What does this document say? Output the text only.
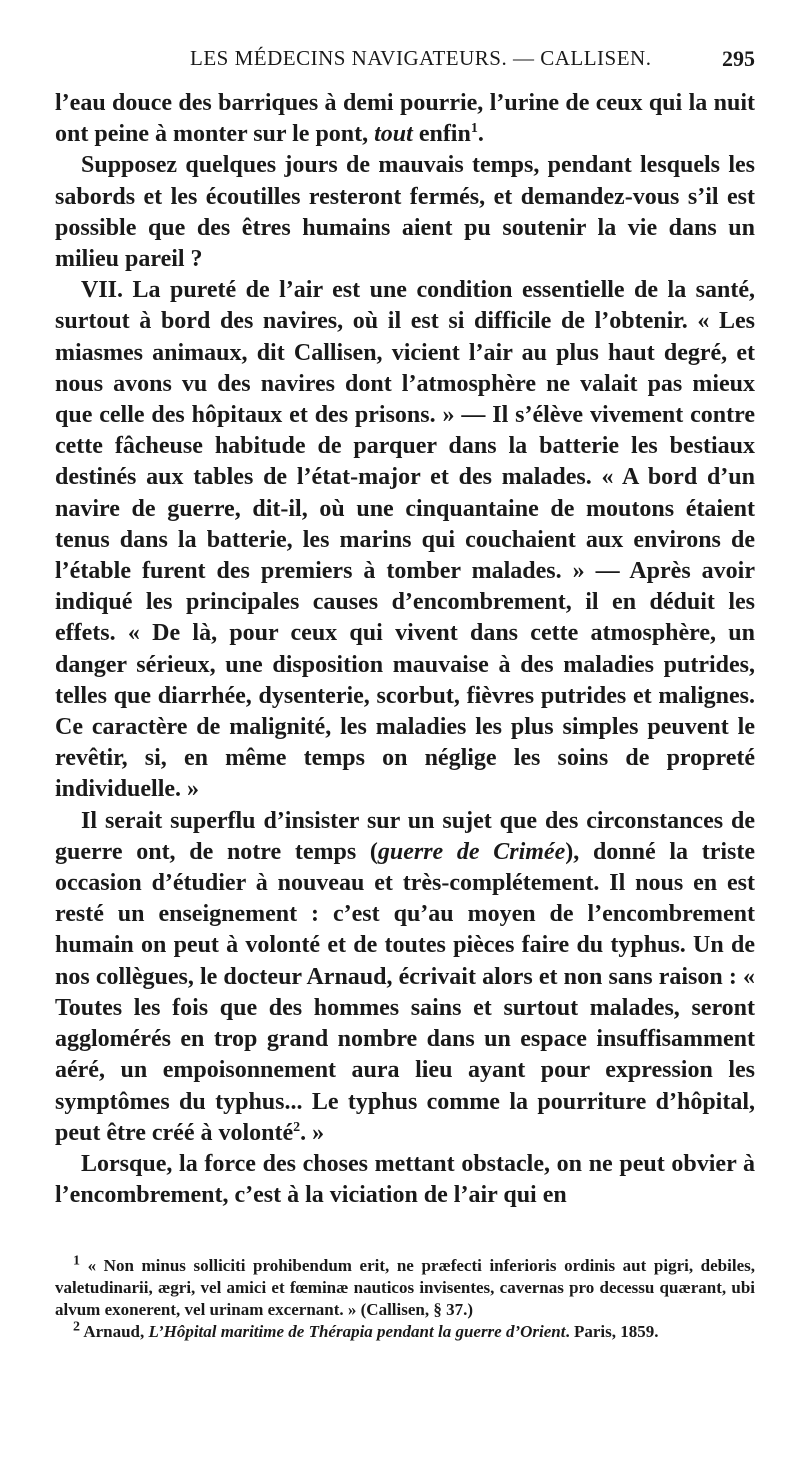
LES MÉDECINS NAVIGATEURS. — CALLISEN.	295

l’eau douce des barriques à demi pourrie, l’urine de ceux qui la nuit ont peine à monter sur le pont, tout enfin$^1$.

Supposez quelques jours de mauvais temps, pendant lesquels les sabords et les écoutilles resteront fermés, et demandez-vous s’il est possible que des êtres humains aient pu soutenir la vie dans un milieu pareil ?

VII. La pureté de l’air est une condition essentielle de la santé, surtout à bord des navires, où il est si difficile de l’obtenir. « Les miasmes animaux, dit Callisen, vicient l’air au plus haut degré, et nous avons vu des navires dont l’atmosphère ne valait pas mieux que celle des hôpitaux et des prisons. » — Il s’élève vivement contre cette fâcheuse habitude de parquer dans la batterie les bestiaux destinés aux tables de l’état-major et des malades. « A bord d’un navire de guerre, dit-il, où une cinquantaine de moutons étaient tenus dans la batterie, les marins qui couchaient aux environs de l’étable furent des premiers à tomber malades. » — Après avoir indiqué les principales causes d’encombrement, il en déduit les effets. « De là, pour ceux qui vivent dans cette atmosphère, un danger sérieux, une disposition mauvaise à des maladies putrides, telles que diarrhée, dysenterie, scorbut, fièvres putrides et malignes. Ce caractère de malignité, les maladies les plus simples peuvent le revêtir, si, en même temps on néglige les soins de propreté individuelle. »

Il serait superflu d’insister sur un sujet que des circonstances de guerre ont, de notre temps (guerre de Crimée), donné la triste occasion d’étudier à nouveau et très-complétement. Il nous en est resté un enseignement : c’est qu’au moyen de l’encombrement humain on peut à volonté et de toutes pièces faire du typhus. Un de nos collègues, le docteur Arnaud, écrivait alors et non sans raison : « Toutes les fois que des hommes sains et surtout malades, seront agglomérés en trop grand nombre dans un espace insuffisamment aéré, un empoisonnement aura lieu ayant pour expression les symptômes du typhus... Le typhus comme la pourriture d’hôpital, peut être créé à volonté$^2$. »

Lorsque, la force des choses mettant obstacle, on ne peut obvier à l’encombrement, c’est à la viciation de l’air qui en

$^1$ « Non minus solliciti prohibendum erit, ne præfecti inferioris ordinis aut pigri, debiles, valetudinarii, ægri, vel amici et fœminæ nauticos invisentes, cavernas pro decessu quærant, ubi alvum exonerent, vel urinam excernant. » (Callisen, § 37.)

$^2$ Arnaud, L’Hôpital maritime de Thérapia pendant la guerre d’Orient. Paris, 1859.
